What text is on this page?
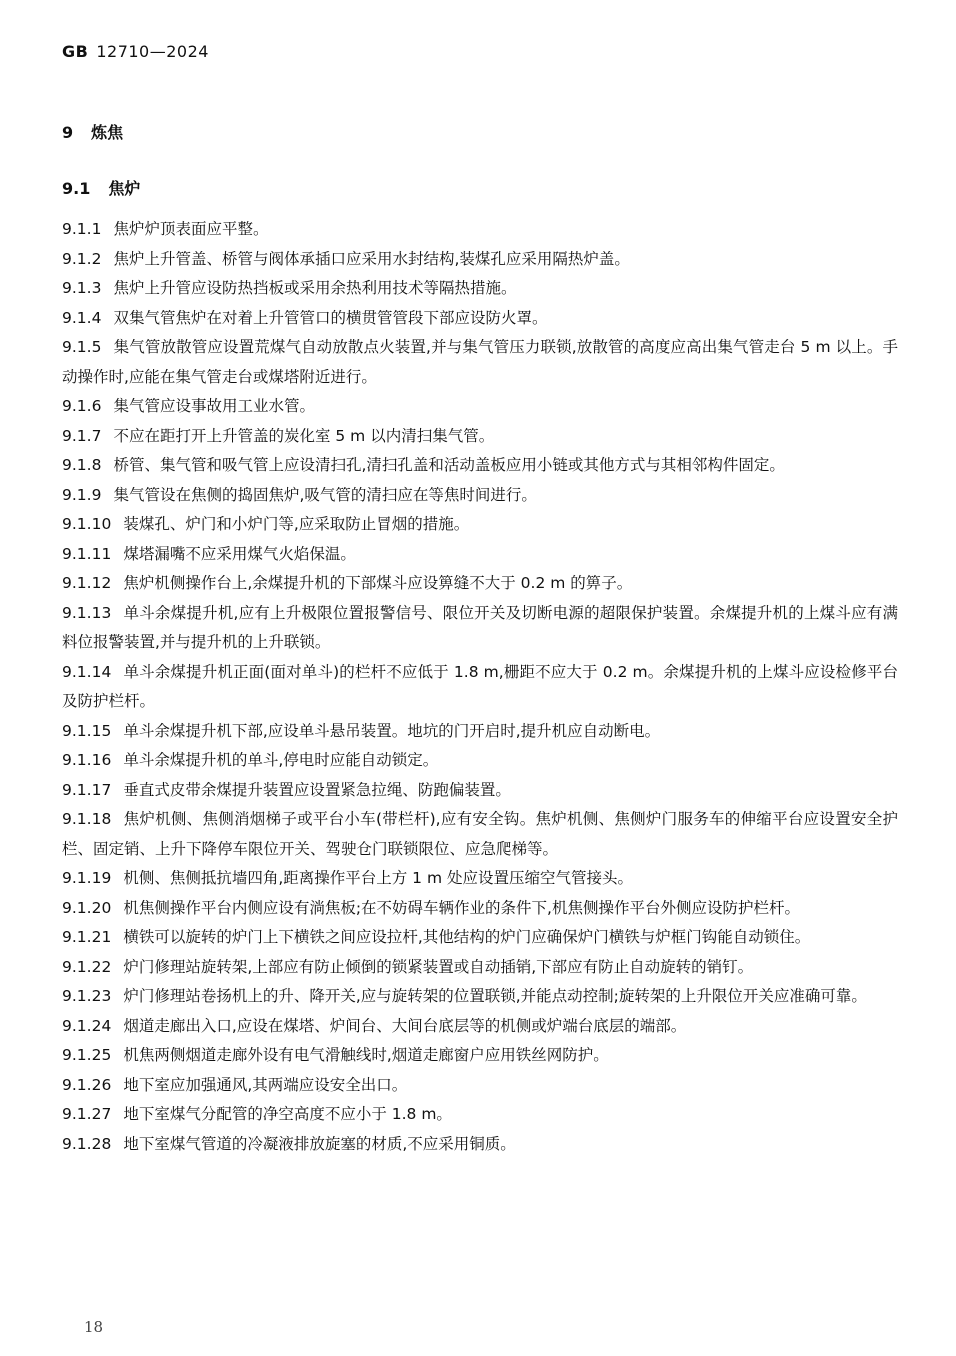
GB 12710—2024
9 炼焦
9.1 焦炉

9.1.1 焦炉炉顶表面应平整。

9.1.2 焦炉上升管盖、桥管与阀体承插口应采用水封结构,装煤孔应采用隔热炉盖。

9.1.3 焦炉上升管应设防热挡板或采用余热利用技术等隔热措施。

9.1.4 双集气管焦炉在对着上升管管口的横贯管管段下部应设防火罩。

9.1.5 集气管放散管应设置荒煤气自动放散点火装置,并与集气管压力联锁,放散管的高度应高出集气管走台 5 m 以上。手动操作时,应能在集气管走台或煤塔附近进行。

9.1.6 集气管应设事故用工业水管。

9.1.7 不应在距打开上升管盖的炭化室 5 m 以内清扫集气管。

9.1.8 桥管、集气管和吸气管上应设清扫孔,清扫孔盖和活动盖板应用小链或其他方式与其相邻构件固定。

9.1.9 集气管设在焦侧的捣固焦炉,吸气管的清扫应在等焦时间进行。

9.1.10 装煤孔、炉门和小炉门等,应采取防止冒烟的措施。

9.1.11 煤塔漏嘴不应采用煤气火焰保温。

9.1.12 焦炉机侧操作台上,余煤提升机的下部煤斗应设箅缝不大于 0.2 m 的箅子。

9.1.13 单斗余煤提升机,应有上升极限位置报警信号、限位开关及切断电源的超限保护装置。余煤提升机的上煤斗应有满料位报警装置,并与提升机的上升联锁。

9.1.14 单斗余煤提升机正面(面对单斗)的栏杆不应低于 1.8 m,栅距不应大于 0.2 m。余煤提升机的上煤斗应设检修平台及防护栏杆。

9.1.15 单斗余煤提升机下部,应设单斗悬吊装置。地坑的门开启时,提升机应自动断电。

9.1.16 单斗余煤提升机的单斗,停电时应能自动锁定。

9.1.17 垂直式皮带余煤提升装置应设置紧急拉绳、防跑偏装置。

9.1.18 焦炉机侧、焦侧消烟梯子或平台小车(带栏杆),应有安全钩。焦炉机侧、焦侧炉门服务车的伸缩平台应设置安全护栏、固定销、上升下降停车限位开关、驾驶仓门联锁限位、应急爬梯等。

9.1.19 机侧、焦侧抵抗墙四角,距离操作平台上方 1 m 处应设置压缩空气管接头。

9.1.20 机焦侧操作平台内侧应设有淌焦板;在不妨碍车辆作业的条件下,机焦侧操作平台外侧应设防护栏杆。

9.1.21 横铁可以旋转的炉门上下横铁之间应设拉杆,其他结构的炉门应确保炉门横铁与炉框门钩能自动锁住。

9.1.22 炉门修理站旋转架,上部应有防止倾倒的锁紧装置或自动插销,下部应有防止自动旋转的销钉。

9.1.23 炉门修理站卷扬机上的升、降开关,应与旋转架的位置联锁,并能点动控制;旋转架的上升限位开关应准确可靠。

9.1.24 烟道走廊出入口,应设在煤塔、炉间台、大间台底层等的机侧或炉端台底层的端部。

9.1.25 机焦两侧烟道走廊外设有电气滑触线时,烟道走廊窗户应用铁丝网防护。

9.1.26 地下室应加强通风,其两端应设安全出口。

9.1.27 地下室煤气分配管的净空高度不应小于 1.8 m。

9.1.28 地下室煤气管道的冷凝液排放旋塞的材质,不应采用铜质。

18
